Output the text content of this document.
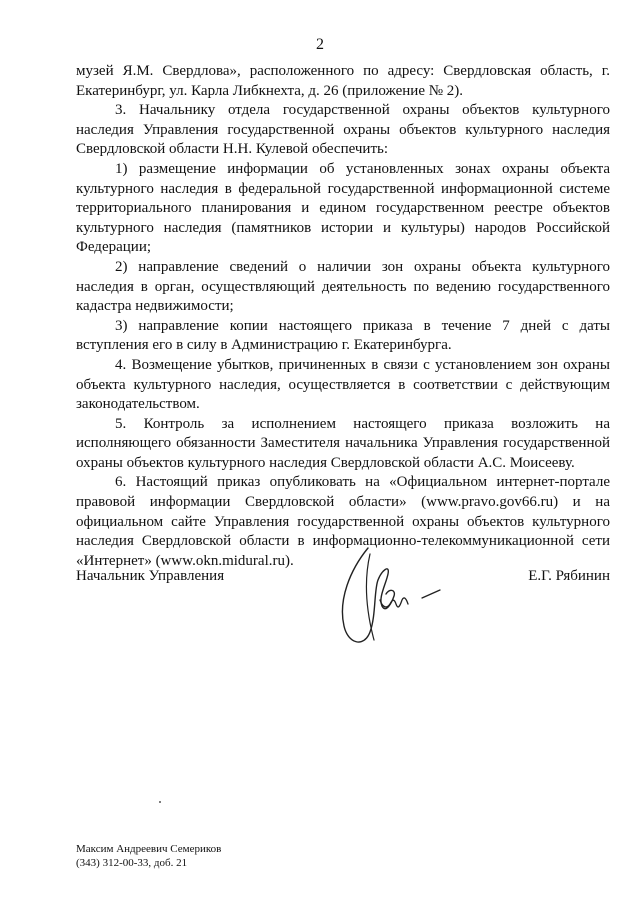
2

музей Я.М. Свердлова», расположенного по адресу: Свердловская область, г. Екатеринбург, ул. Карла Либкнехта, д. 26 (приложение № 2).

3. Начальнику отдела государственной охраны объектов культурного наследия Управления государственной охраны объектов культурного наследия Свердловской области Н.Н. Кулевой обеспечить:

1) размещение информации об установленных зонах охраны объекта культурного наследия в федеральной государственной информационной системе территориального планирования и едином государственном реестре объектов культурного наследия (памятников истории и культуры) народов Российской Федерации;

2) направление сведений о наличии зон охраны объекта культурного наследия в орган, осуществляющий деятельность по ведению государственного кадастра недвижимости;

3) направление копии настоящего приказа в течение 7 дней с даты вступления его в силу в Администрацию г. Екатеринбурга.

4. Возмещение убытков, причиненных в связи с установлением зон охраны объекта культурного наследия, осуществляется в соответствии с действующим законодательством.

5. Контроль за исполнением настоящего приказа возложить на исполняющего обязанности Заместителя начальника Управления государственной охраны объектов культурного наследия Свердловской области А.С. Моисееву.

6. Настоящий приказ опубликовать на «Официальном интернет-портале правовой информации Свердловской области» (www.pravo.gov66.ru) и на официальном сайте Управления государственной охраны объектов культурного наследия Свердловской области в информационно-телекоммуникационной сети «Интернет» (www.okn.midural.ru).

Начальник Управления	Е.Г. Рябинин
Максим Андреевич Семериков
(343) 312-00-33, доб. 21
